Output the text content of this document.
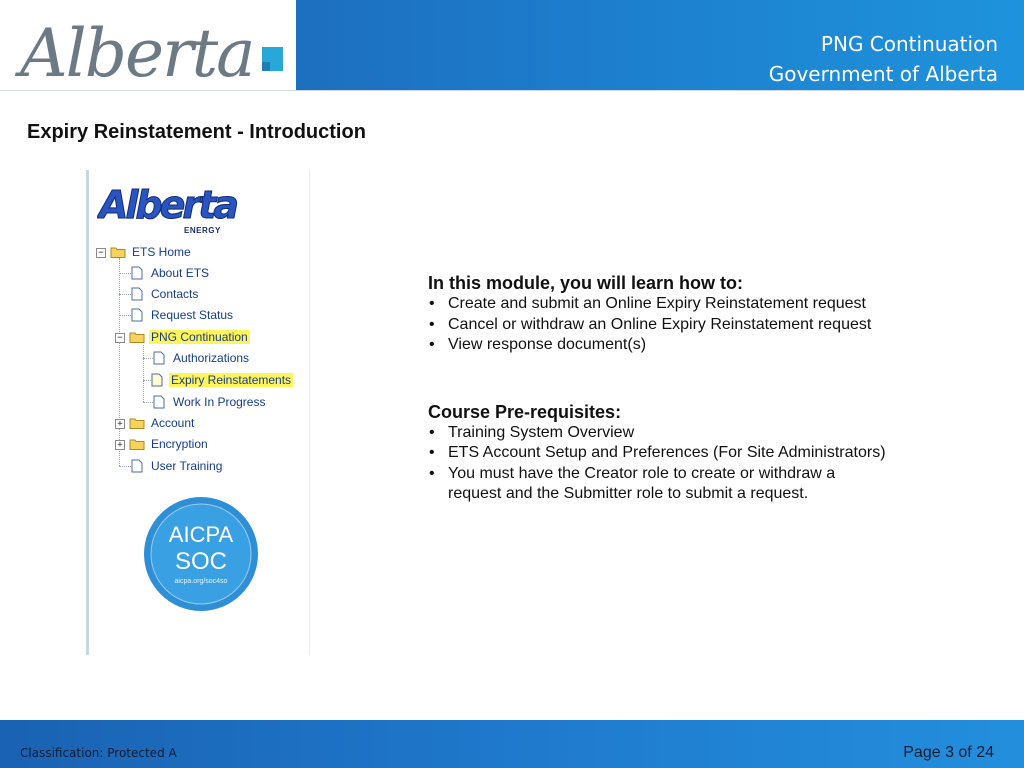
Alberta	PNG Continuation
Government of Alberta
Expiry Reinstatement - Introduction
Alberta
ENERGY
− ETS Home
About ETS
Contacts
Request Status
− PNG Continuation
Authorizations
Expiry Reinstatements
Work In Progress
+ Account
+ Encryption
User Training
AICPA
SOC
aicpa.org/soc4so
In this module, you will learn how to:
• Create and submit an Online Expiry Reinstatement request
• Cancel or withdraw an Online Expiry Reinstatement request
• View response document(s)
Course Pre-requisites:
• Training System Overview
• ETS Account Setup and Preferences (For Site Administrators)
• You must have the Creator role to create or withdraw a request and the Submitter role to submit a request.
Classification: Protected A	Page 3 of 24
